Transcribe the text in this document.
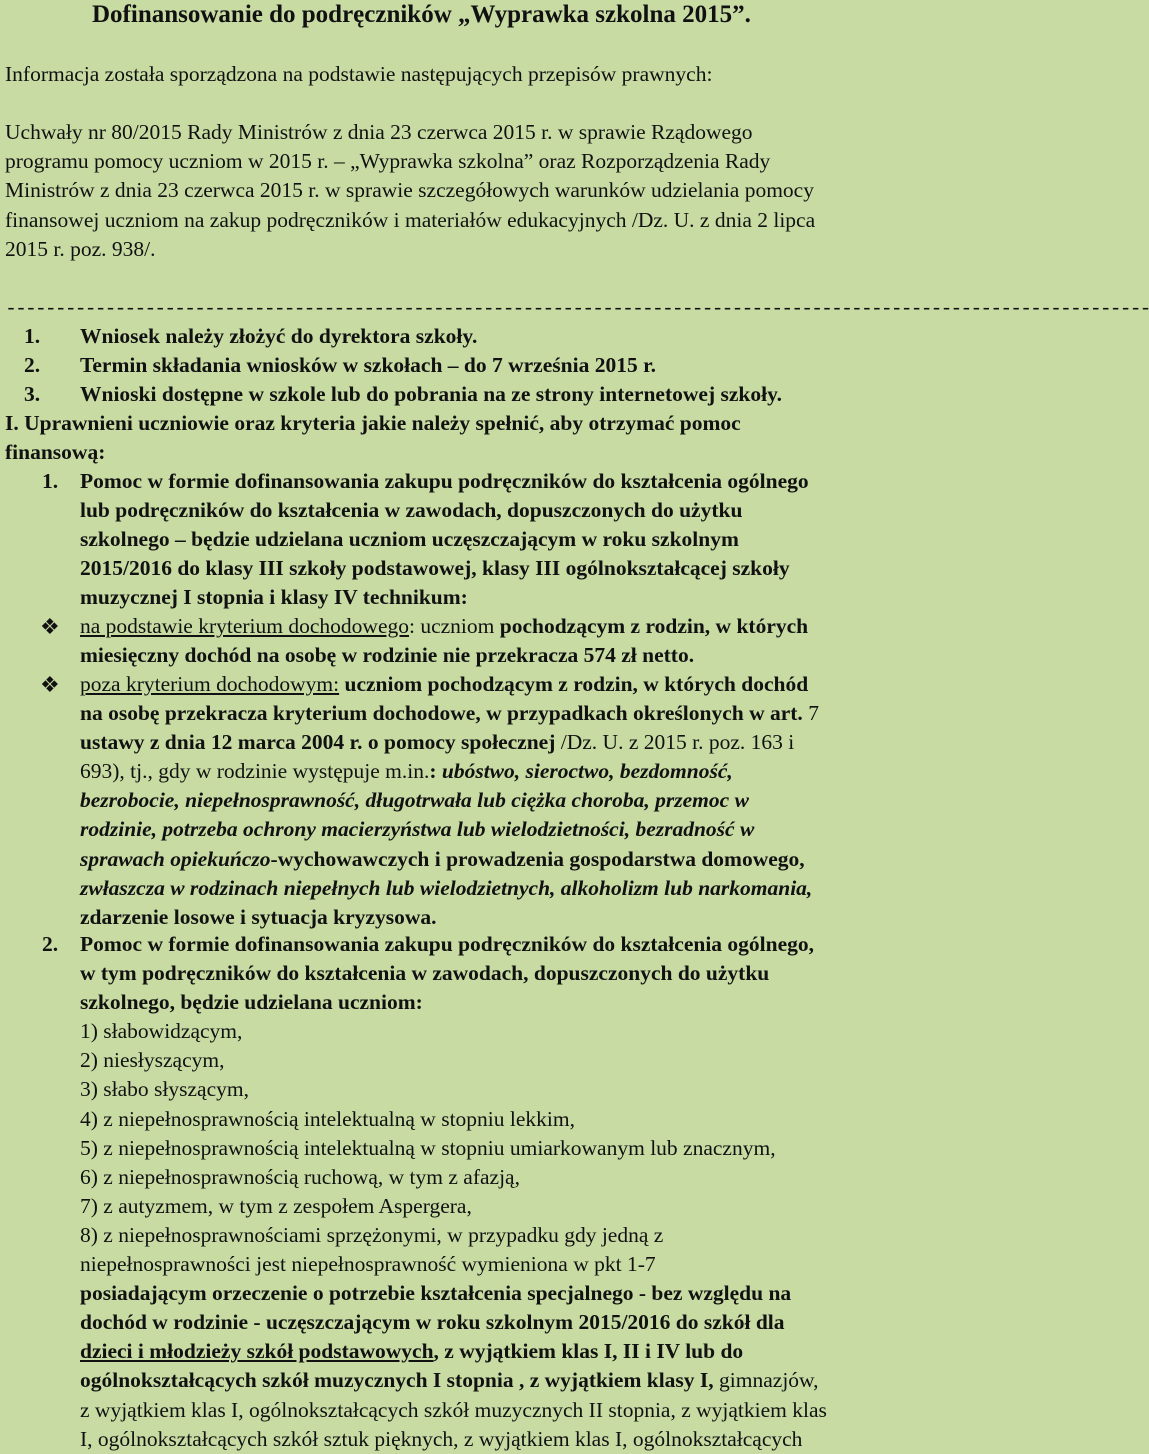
Dofinansowanie do podręczników „Wyprawka szkolna 2015”.
Informacja została sporządzona na podstawie następujących przepisów prawnych:
Uchwały nr 80/2015 Rady Ministrów z dnia 23 czerwca 2015 r. w sprawie Rządowego
programu pomocy uczniom w 2015 r. – „Wyprawka szkolna” oraz Rozporządzenia Rady
Ministrów z dnia 23 czerwca 2015 r. w sprawie szczegółowych warunków udzielania pomocy
finansowej uczniom na zakup podręczników i materiałów edukacyjnych /Dz. U. z dnia 2 lipca
2015 r. poz. 938/.
-------------------------------------------------------------------------------------------------------------------
1. Wniosek należy złożyć do dyrektora szkoły.
2. Termin składania wniosków w szkołach – do 7 września 2015 r.
3. Wnioski dostępne w szkole lub do pobrania na ze strony internetowej szkoły.
I. Uprawnieni uczniowie oraz kryteria jakie należy spełnić, aby otrzymać pomoc
finansową:
1. Pomoc w formie dofinansowania zakupu podręczników do kształcenia ogólnego
lub podręczników do kształcenia w zawodach, dopuszczonych do użytku
szkolnego – będzie udzielana uczniom uczęszczającym w roku szkolnym
2015/2016 do klasy III szkoły podstawowej, klasy III ogólnokształcącej szkoły
muzycznej I stopnia i klasy IV technikum:
❖ na podstawie kryterium dochodowego: uczniom pochodzącym z rodzin, w których
miesięczny dochód na osobę w rodzinie nie przekracza 574 zł netto.
❖ poza kryterium dochodowym: uczniom pochodzącym z rodzin, w których dochód
na osobę przekracza kryterium dochodowe, w przypadkach określonych w art. 7
ustawy z dnia 12 marca 2004 r. o pomocy społecznej /Dz. U. z 2015 r. poz. 163 i
693), tj., gdy w rodzinie występuje m.in.: ubóstwo, sieroctwo, bezdomność,
bezrobocie, niepełnosprawność, długotrwała lub ciężka choroba, przemoc w
rodzinie, potrzeba ochrony macierzyństwa lub wielodzietności, bezradność w
sprawach opiekuńczo-wychowawczych i prowadzenia gospodarstwa domowego,
zwłaszcza w rodzinach niepełnych lub wielodzietnych, alkoholizm lub narkomania,
zdarzenie losowe i sytuacja kryzysowa.
2. Pomoc w formie dofinansowania zakupu podręczników do kształcenia ogólnego,
w tym podręczników do kształcenia w zawodach, dopuszczonych do użytku
szkolnego, będzie udzielana uczniom:
1) słabowidzącym,
2) niesłyszącym,
3) słabo słyszącym,
4) z niepełnosprawnością intelektualną w stopniu lekkim,
5) z niepełnosprawnością intelektualną w stopniu umiarkowanym lub znacznym,
6) z niepełnosprawnością ruchową, w tym z afazją,
7) z autyzmem, w tym z zespołem Aspergera,
8) z niepełnosprawnościami sprzężonymi, w przypadku gdy jedną z
niepełnosprawności jest niepełnosprawność wymieniona w pkt 1-7
posiadającym orzeczenie o potrzebie kształcenia specjalnego - bez względu na
dochód w rodzinie - uczęszczającym w roku szkolnym 2015/2016 do szkół dla
dzieci i młodzieży szkół podstawowych, z wyjątkiem klas I, II i IV lub do
ogólnokształcących szkół muzycznych I stopnia , z wyjątkiem klasy I, gimnazjów,
z wyjątkiem klas I, ogólnokształcących szkół muzycznych II stopnia, z wyjątkiem klas
I, ogólnokształcących szkół sztuk pięknych, z wyjątkiem klas I, ogólnokształcących
